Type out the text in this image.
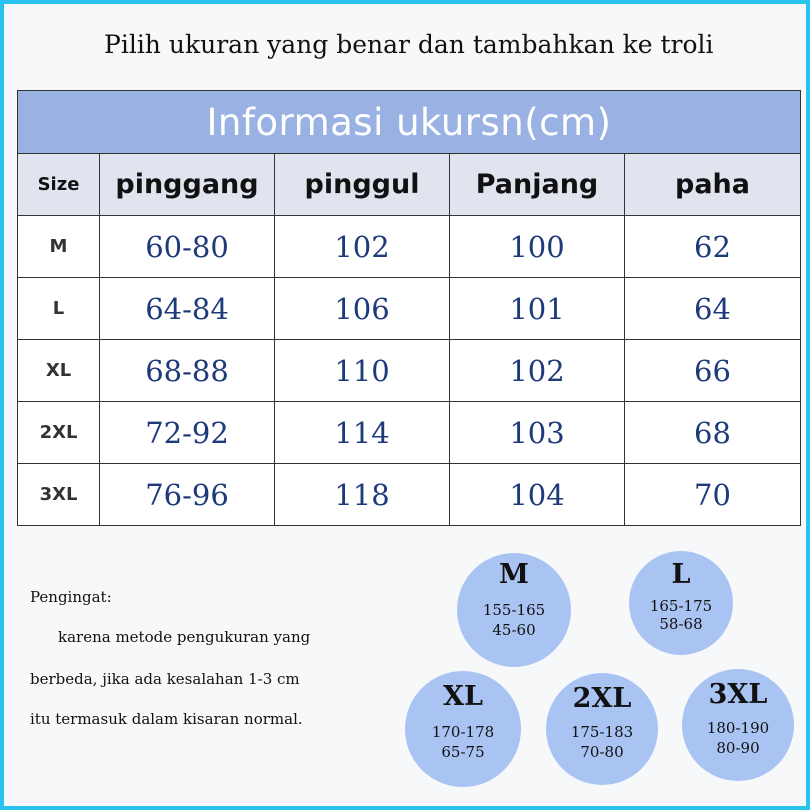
Pilih ukuran yang benar dan tambahkan ke troli
Informasi ukursn(cm)				
Size	pinggang	pinggul	Panjang	paha
M	60-80	102	100	62
L	64-84	106	101	64
XL	68-88	110	102	66
2XL	72-92	114	103	68
3XL	76-96	118	104	70
Pengingat:
karena metode pengukuran yang
berbeda, jika ada kesalahan 1-3 cm
itu termasuk dalam kisaran normal.
M
155-165
45-60
L
165-175
58-68
XL
170-178
65-75
2XL
175-183
70-80
3XL
180-190
80-90
